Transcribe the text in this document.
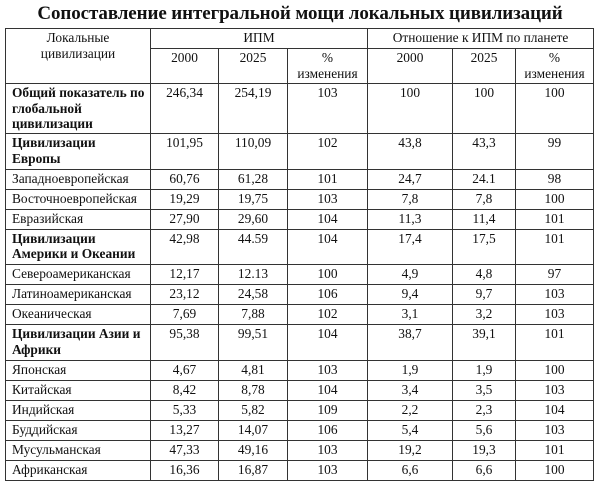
Сопоставление интегральной мощи локальных цивилизаций
Локальные цивилизации	ИПМ			Отношение к ИПМ по планете		
	2000	2025	% изменения	2000	2025	% изменения
Общий показатель по глобальной цивилизации	246,34	254,19	103	100	100	100
Цивилизации Европы	101,95	110,09	102	43,8	43,3	99
Западноевропейская	60,76	61,28	101	24,7	24.1	98
Восточноевропейская	19,29	19,75	103	7,8	7,8	100
Евразийская	27,90	29,60	104	11,3	11,4	101
Цивилизации Америки и Океании	42,98	44.59	104	17,4	17,5	101
Североамериканская	12,17	12.13	100	4,9	4,8	97
Латиноамериканская	23,12	24,58	106	9,4	9,7	103
Океаническая	7,69	7,88	102	3,1	3,2	103
Цивилизации Азии и Африки	95,38	99,51	104	38,7	39,1	101
Японская	4,67	4,81	103	1,9	1,9	100
Китайская	8,42	8,78	104	3,4	3,5	103
Индийская	5,33	5,82	109	2,2	2,3	104
Буддийская	13,27	14,07	106	5,4	5,6	103
Мусульманская	47,33	49,16	103	19,2	19,3	101
Африканская	16,36	16,87	103	6,6	6,6	100
